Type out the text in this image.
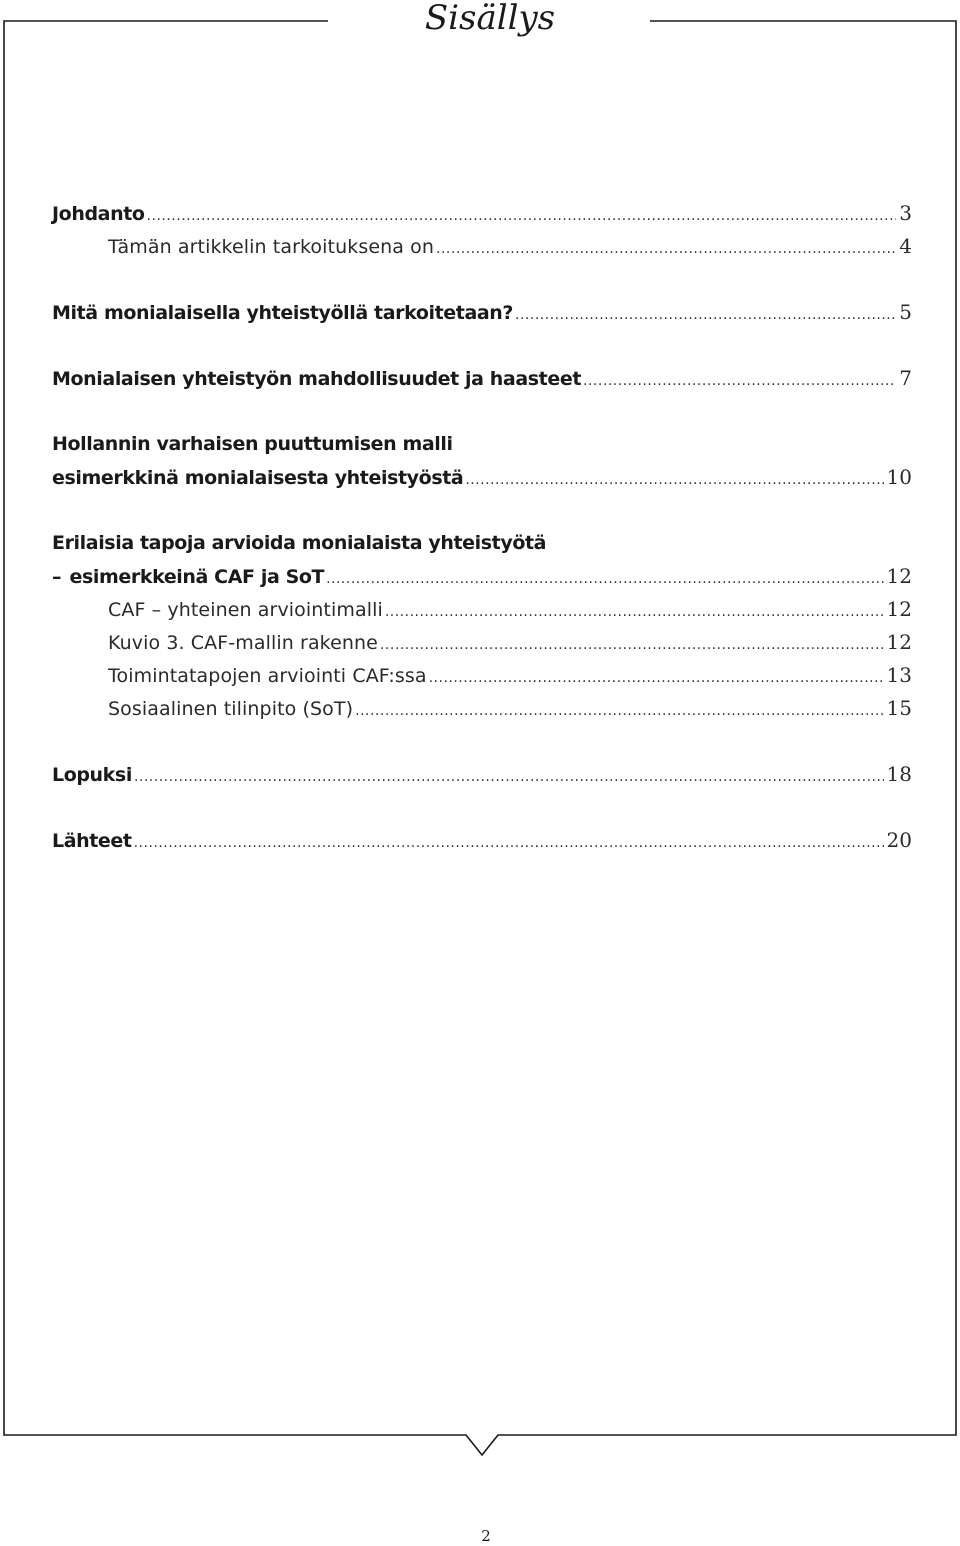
Sisällys
Johdanto .....	3
Tämän artikkelin tarkoituksena on .....	4
Mitä monialaisella yhteistyöllä tarkoitetaan? .....	5
Monialaisen yhteistyön mahdollisuudet ja haasteet .....	7
Hollannin varhaisen puuttumisen malli
esimerkkinä monialaisesta yhteistyöstä .....	10
Erilaisia tapoja arvioida monialaista yhteistyötä
– esimerkkeinä CAF ja SoT .....	12
CAF – yhteinen arviointimalli .....	12
Kuvio 3. CAF-mallin rakenne .....	12
Toimintatapojen arviointi CAF:ssa .....	13
Sosiaalinen tilinpito (SoT) .....	15
Lopuksi .....	18
Lähteet .....	20
2
